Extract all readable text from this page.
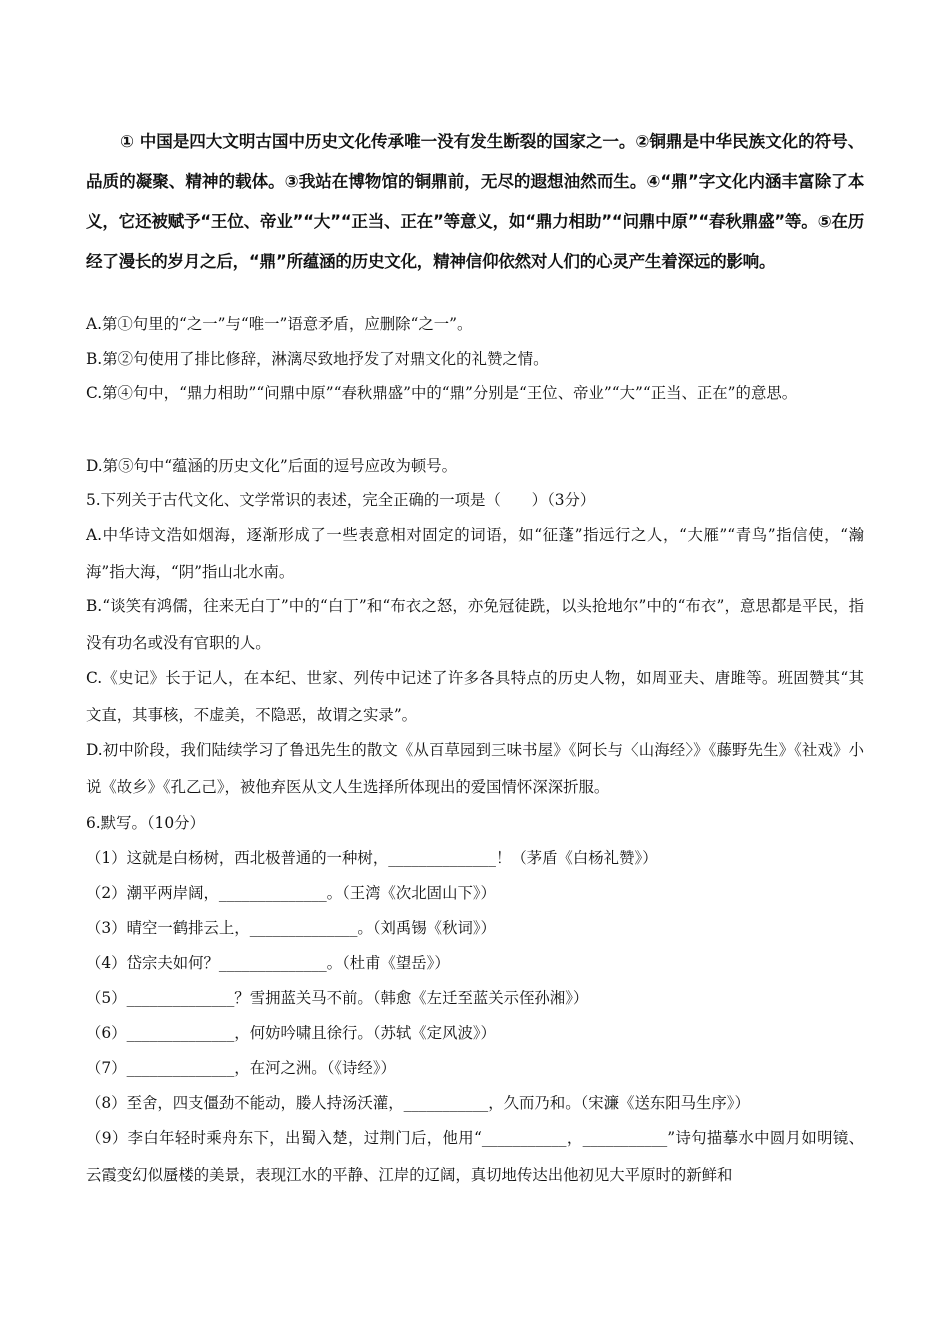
① 中国是四大文明古国中历史文化传承唯一没有发生断裂的国家之一。②铜鼎是中华民族文化的符号、品质的凝聚、精神的载体。③我站在博物馆的铜鼎前，无尽的遐想油然而生。④“鼎”字文化内涵丰富除了本义，它还被赋予“王位、帝业”“大”“正当、正在”等意义，如“鼎力相助”“问鼎中原”“春秋鼎盛”等。⑤在历经了漫长的岁月之后，“鼎”所蕴涵的历史文化，精神信仰依然对人们的心灵产生着深远的影响。

A.第①句里的“之一”与“唯一”语意矛盾，应删除“之一”。
B.第②句使用了排比修辞，淋漓尽致地抒发了对鼎文化的礼赞之情。

C.第④句中，“鼎力相助”“问鼎中原”“春秋鼎盛”中的“鼎”分别是“王位、帝业”“大”“正当、正在”的意思。

D.第⑤句中“蕴涵的历史文化”后面的逗号应改为顿号。
5.下列关于古代文化、文学常识的表述，完全正确的一项是（　　）（3分）

A.中华诗文浩如烟海，逐渐形成了一些表意相对固定的词语，如“征蓬”指远行之人，“大雁”“青鸟”指信使，“瀚海”指大海，“阴”指山北水南。

B.“谈笑有鸿儒，往来无白丁”中的“白丁”和“布衣之怒，亦免冠徒跣，以头抢地尔”中的“布衣”，意思都是平民，指没有功名或没有官职的人。

C.《史记》长于记人，在本纪、世家、列传中记述了许多各具特点的历史人物，如周亚夫、唐雎等。班固赞其“其文直，其事核，不虚美，不隐恶，故谓之实录”。

D.初中阶段，我们陆续学习了鲁迅先生的散文《从百草园到三味书屋》《阿长与〈山海经〉》《藤野先生》《社戏》小说《故乡》《孔乙己》，被他弃医从文人生选择所体现出的爱国情怀深深折服。

6.默写。（10分）
（1）这就是白杨树，西北极普通的一种树，______________！（茅盾《白杨礼赞》）
（2）潮平两岸阔，______________。（王湾《次北固山下》）
（3）晴空一鹤排云上，______________。（刘禹锡《秋词》）
（4）岱宗夫如何？______________。（杜甫《望岳》）
（5）______________？雪拥蓝关马不前。（韩愈《左迁至蓝关示侄孙湘》）
（6）______________，何妨吟啸且徐行。（苏轼《定风波》）
（7）______________，在河之洲。（《诗经》）
（8）至舍，四支僵劲不能动，媵人持汤沃灌，___________，久而乃和。（宋濂《送东阳马生序》）

（9）李白年轻时乘舟东下，出蜀入楚，过荆门后，他用“___________，___________”诗句描摹水中圆月如明镜、云霞变幻似蜃楼的美景，表现江水的平静、江岸的辽阔，真切地传达出他初见大平原时的新鲜和
